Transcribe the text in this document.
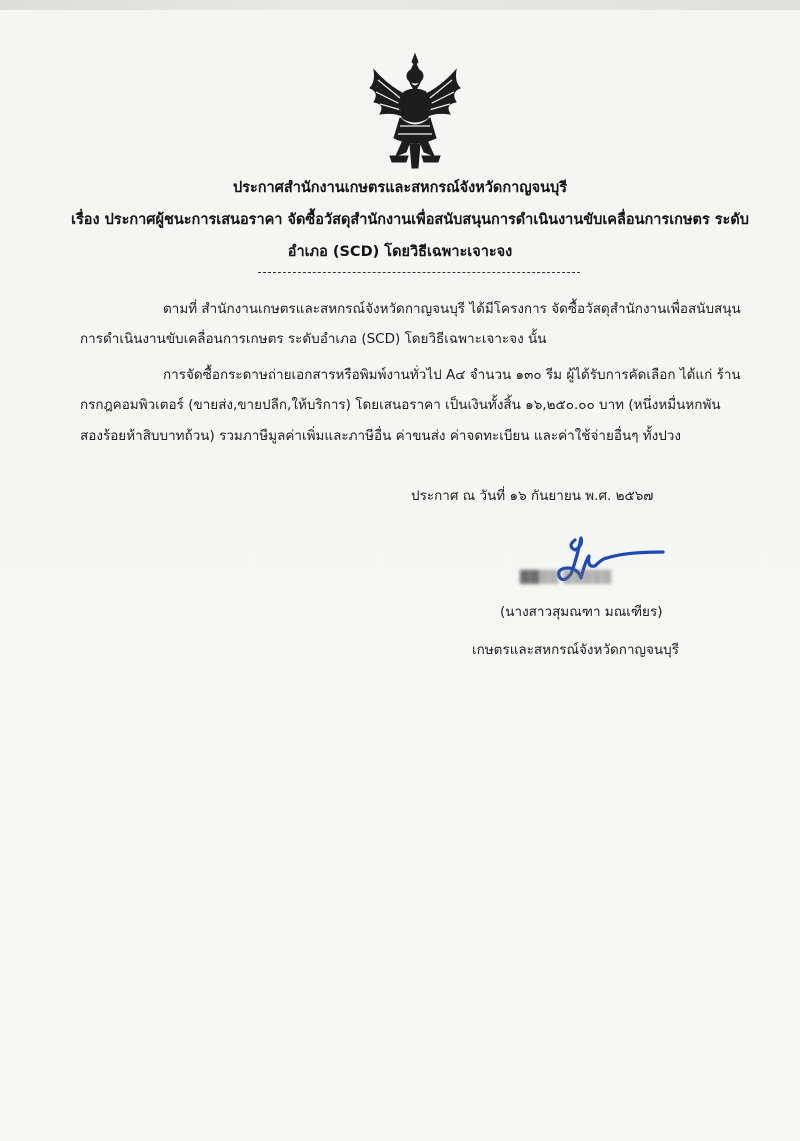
ประกาศสำนักงานเกษตรและสหกรณ์จังหวัดกาญจนบุรี
เรื่อง ประกาศผู้ชนะการเสนอราคา จัดซื้อวัสดุสำนักงานเพื่อสนับสนุนการดำเนินงานขับเคลื่อนการเกษตร ระดับ
อำเภอ (SCD) โดยวิธีเฉพาะเจาะจง
ตามที่ สำนักงานเกษตรและสหกรณ์จังหวัดกาญจนบุรี ได้มีโครงการ จัดซื้อวัสดุสำนักงานเพื่อสนับสนุน
การดำเนินงานขับเคลื่อนการเกษตร ระดับอำเภอ (SCD) โดยวิธีเฉพาะเจาะจง นั้น
การจัดซื้อกระดาษถ่ายเอกสารหรือพิมพ์งานทั่วไป A๔ จำนวน ๑๓๐ รีม ผู้ได้รับการคัดเลือก ได้แก่ ร้าน
กรกฎคอมพิวเตอร์ (ขายส่ง,ขายปลีก,ให้บริการ) โดยเสนอราคา เป็นเงินทั้งสิ้น ๑๖,๒๕๐.๐๐ บาท (หนึ่งหมื่นหกพัน
สองร้อยห้าสิบบาทถ้วน) รวมภาษีมูลค่าเพิ่มและภาษีอื่น ค่าขนส่ง ค่าจดทะเบียน และค่าใช้จ่ายอื่นๆ ทั้งปวง
ประกาศ ณ วันที่ ๑๖ กันยายน พ.ศ. ๒๕๖๗
██▒▒ ▒▒▒▒▒
(นางสาวสุมณฑา มณเฑียร)
เกษตรและสหกรณ์จังหวัดกาญจนบุรี
